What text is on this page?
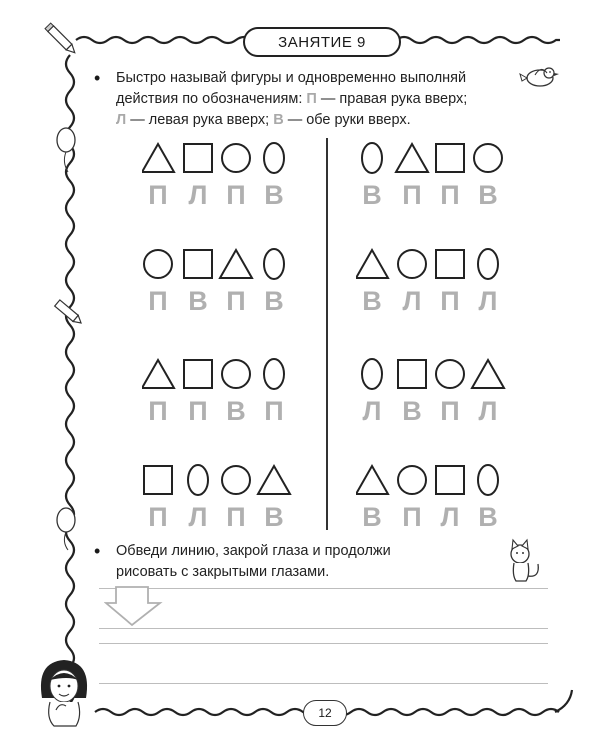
ЗАНЯТИЕ 9
• Быстро называй фигуры и одновременно выполняй
действия по обозначениям: П — правая рука вверх;
Л — левая рука вверх; В — обе руки вверх.
П Л П В	В П П В
П В П В	В Л П Л
П П В П	Л В П Л
П Л П В	В П Л В
• Обведи линию, закрой глаза и продолжи
рисовать с закрытыми глазами.
12
